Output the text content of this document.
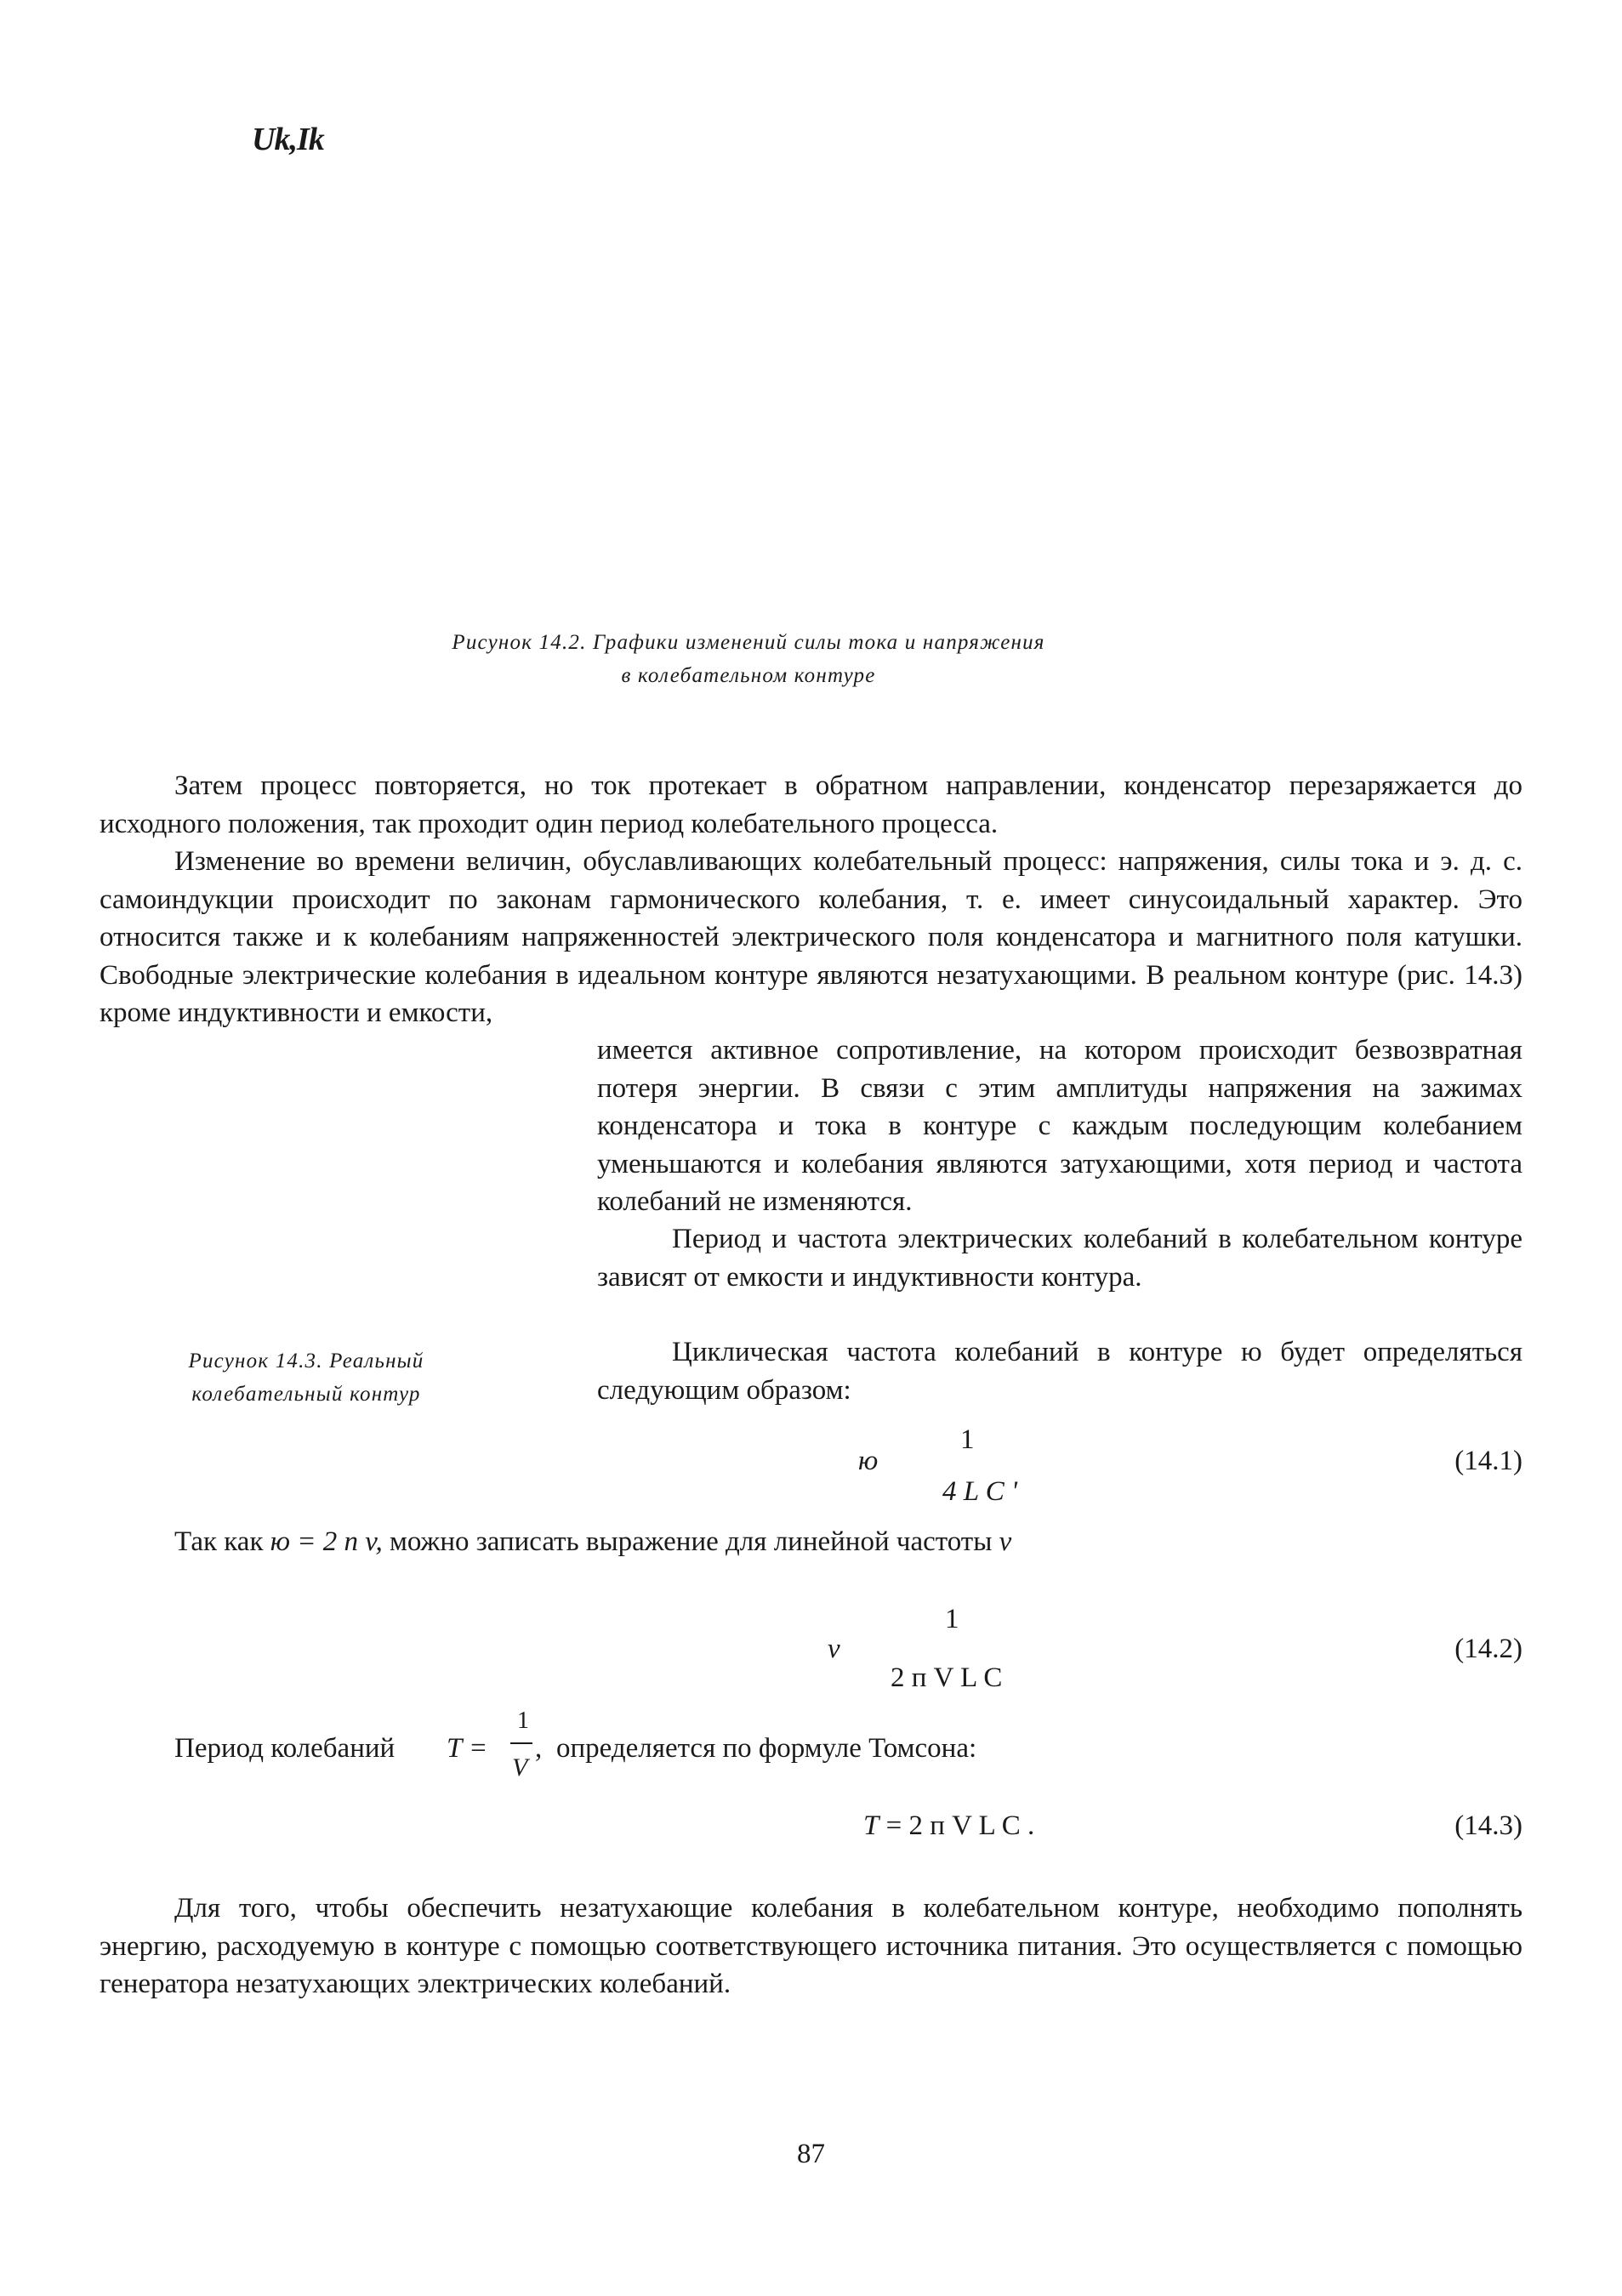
Uk,Ik
Рисунок 14.2. Графики изменений силы тока и напряжения
в колебательном контуре
Затем процесс повторяется, но ток протекает в обратном направлении, конденсатор перезаряжается до исходного положения, так проходит один период колебательного процесса.
Изменение во времени величин, обуславливающих колебательный процесс: напряжения, силы тока и э. д. с. самоиндукции происходит по законам гармонического колебания, т. е. имеет синусоидальный характер. Это относится также и к колебаниям напряженностей электрического поля конденсатора и магнитного поля катушки. Свободные электрические колебания в идеальном контуре являются незатухающими. В реальном контуре (рис. 14.3) кроме индуктивности и емкости,
имеется активное сопротивление, на котором происходит безвозвратная потеря энергии. В связи с этим амплитуды напряжения на зажимах конденсатора и тока в контуре с каждым последующим колебанием уменьшаются и колебания являются затухающими, хотя период и частота колебаний не изменяются.
Период и частота электрических колебаний в колебательном контуре зависят от емкости и индуктивности контура.
Циклическая частота колебаний в контуре ю будет определяться следующим образом:
Рисунок 14.3. Реальный
колебательный контур
ю
1
4 L C '
(14.1)
Так как ю = 2 п v, можно записать выражение для линейной частоты v
v
1
2 п V L C
(14.2)
Период колебаний T =
1
V
, определяется по формуле Томсона:
T = 2 п V L C .	(14.3)
Для того, чтобы обеспечить незатухающие колебания в колебательном контуре, необходимо пополнять энергию, расходуемую в контуре с помощью соответствующего источника питания. Это осуществляется с помощью генератора незатухающих электрических колебаний.
87
